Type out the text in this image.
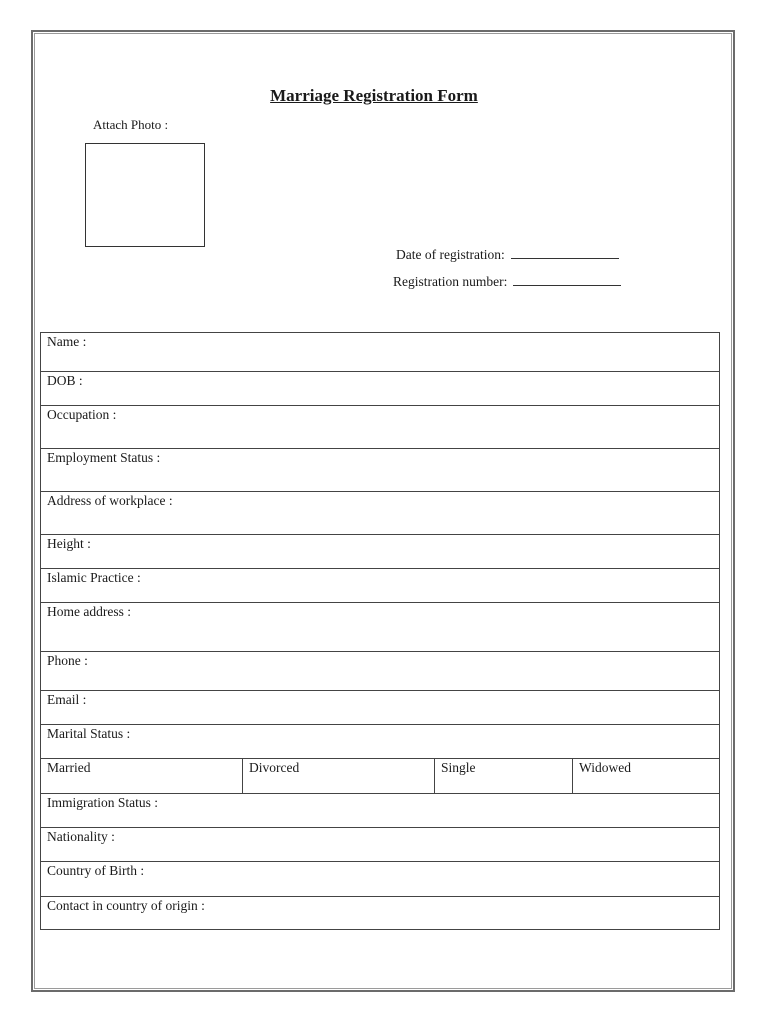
Marriage Registration Form
Attach Photo :
Date of registration:
Registration number:
Name :
DOB :
Occupation :
Employment Status :
Address of workplace :
Height :
Islamic Practice :
Home address :
Phone :
Email :
Marital Status :
Married	Divorced	Single	Widowed
Immigration Status :
Nationality :
Country of Birth :
Contact in country of origin :
